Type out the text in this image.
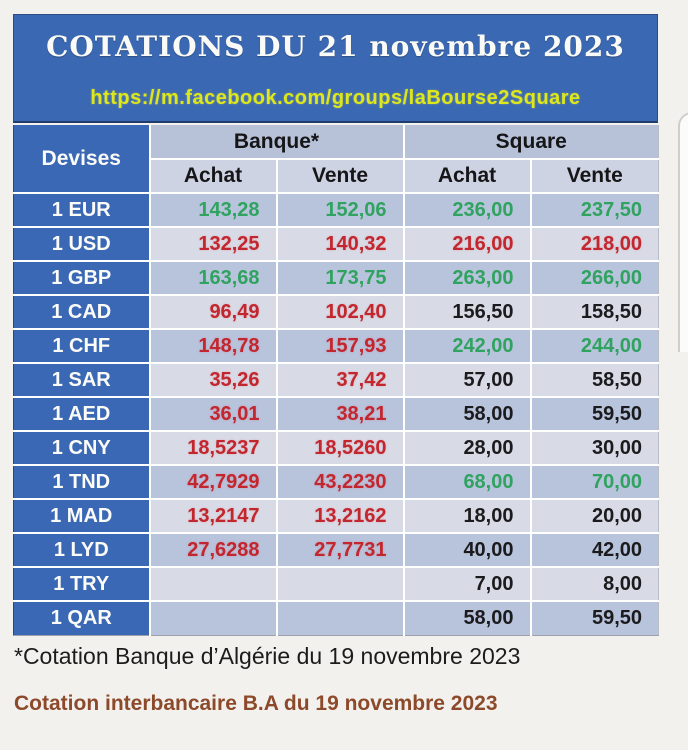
COTATIONS DU 21 novembre 2023
https://m.facebook.com/groups/laBourse2Square
Devises	Banque*		Square	
	Achat	Vente	Achat	Vente
1 EUR	143,28	152,06	236,00	237,50
1 USD	132,25	140,32	216,00	218,00
1 GBP	163,68	173,75	263,00	266,00
1 CAD	96,49	102,40	156,50	158,50
1 CHF	148,78	157,93	242,00	244,00
1 SAR	35,26	37,42	57,00	58,50
1 AED	36,01	38,21	58,00	59,50
1 CNY	18,5237	18,5260	28,00	30,00
1 TND	42,7929	43,2230	68,00	70,00
1 MAD	13,2147	13,2162	18,00	20,00
1 LYD	27,6288	27,7731	40,00	42,00
1 TRY			7,00	8,00
1 QAR			58,00	59,50
*Cotation Banque d’Algérie du 19 novembre 2023
Cotation interbancaire B.A du 19 novembre 2023
